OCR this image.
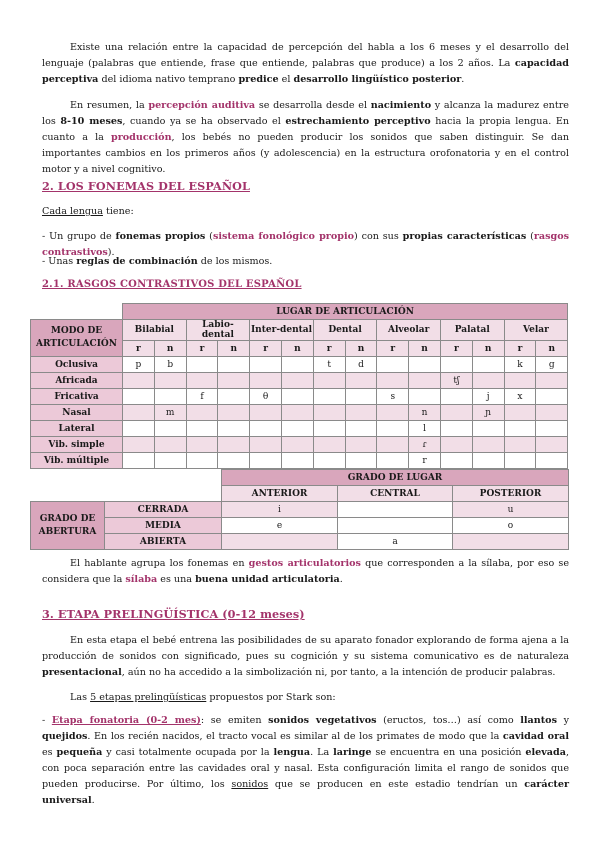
Existe una relación entre la capacidad de percepción del habla a los 6 meses y el desarrollo del lenguaje (palabras que entiende, frase que entiende, palabras que produce) a los 2 años. La capacidad perceptiva del idioma nativo temprano predice el desarrollo lingüístico posterior.

En resumen, la percepción auditiva se desarrolla desde el nacimiento y alcanza la madurez entre los 8-10 meses, cuando ya se ha observado el estrechamiento perceptivo hacia la propia lengua. En cuanto a la producción, los bebés no pueden producir los sonidos que saben distinguir. Se dan importantes cambios en los primeros años (y adolescencia) en la estructura orofonatoria y en el control motor y a nivel cognitivo.

2. LOS FONEMAS DEL ESPAÑOL

Cada lengua tiene:

- Un grupo de fonemas propios (sistema fonológico propio) con sus propias características (rasgos contrastivos).

- Unas reglas de combinación de los mismos.

2.1. RASGOS CONTRASTIVOS DEL ESPAÑOL
	LUGAR DE ARTICULACIÓN													
MODO DE ARTICULACIÓN	Bilabial		Labio-dental		Inter-dental		Dental		Alveolar		Palatal		Velar	
	r	n	r	n	r	n	r	n	r	n	r	n	r	n
Oclusiva	p	b					t	d					k	g
Africada											tʃ			
Fricativa			f		θ				s			j	x	
Nasal		m								n		ɲ		
Lateral										l				
Vib. simple										ɾ				
Vib. múltiple										r				
		GRADO DE LUGAR		
		ANTERIOR	CENTRAL	POSTERIOR
GRADO DE ABERTURA	CERRADA	i		u
	MEDIA	e		o
	ABIERTA		a	

El hablante agrupa los fonemas en gestos articulatorios que corresponden a la sílaba, por eso se considera que la sílaba es una buena unidad articulatoria.

3. ETAPA PRELINGÜÍSTICA (0-12 meses)

En esta etapa el bebé entrena las posibilidades de su aparato fonador explorando de forma ajena a la producción de sonidos con significado, pues su cognición y su sistema comunicativo es de naturaleza presentacional, aún no ha accedido a la simbolización ni, por tanto, a la intención de producir palabras.

Las 5 etapas prelingüísticas propuestos por Stark son:

- Etapa fonatoria (0-2 mes): se emiten sonidos vegetativos (eructos, tos…) así como llantos y quejidos. En los recién nacidos, el tracto vocal es similar al de los primates de modo que la cavidad oral es pequeña y casi totalmente ocupada por la lengua. La laringe se encuentra en una posición elevada, con poca separación entre las cavidades oral y nasal. Esta configuración limita el rango de sonidos que pueden producirse. Por último, los sonidos que se producen en este estadio tendrían un carácter universal.
